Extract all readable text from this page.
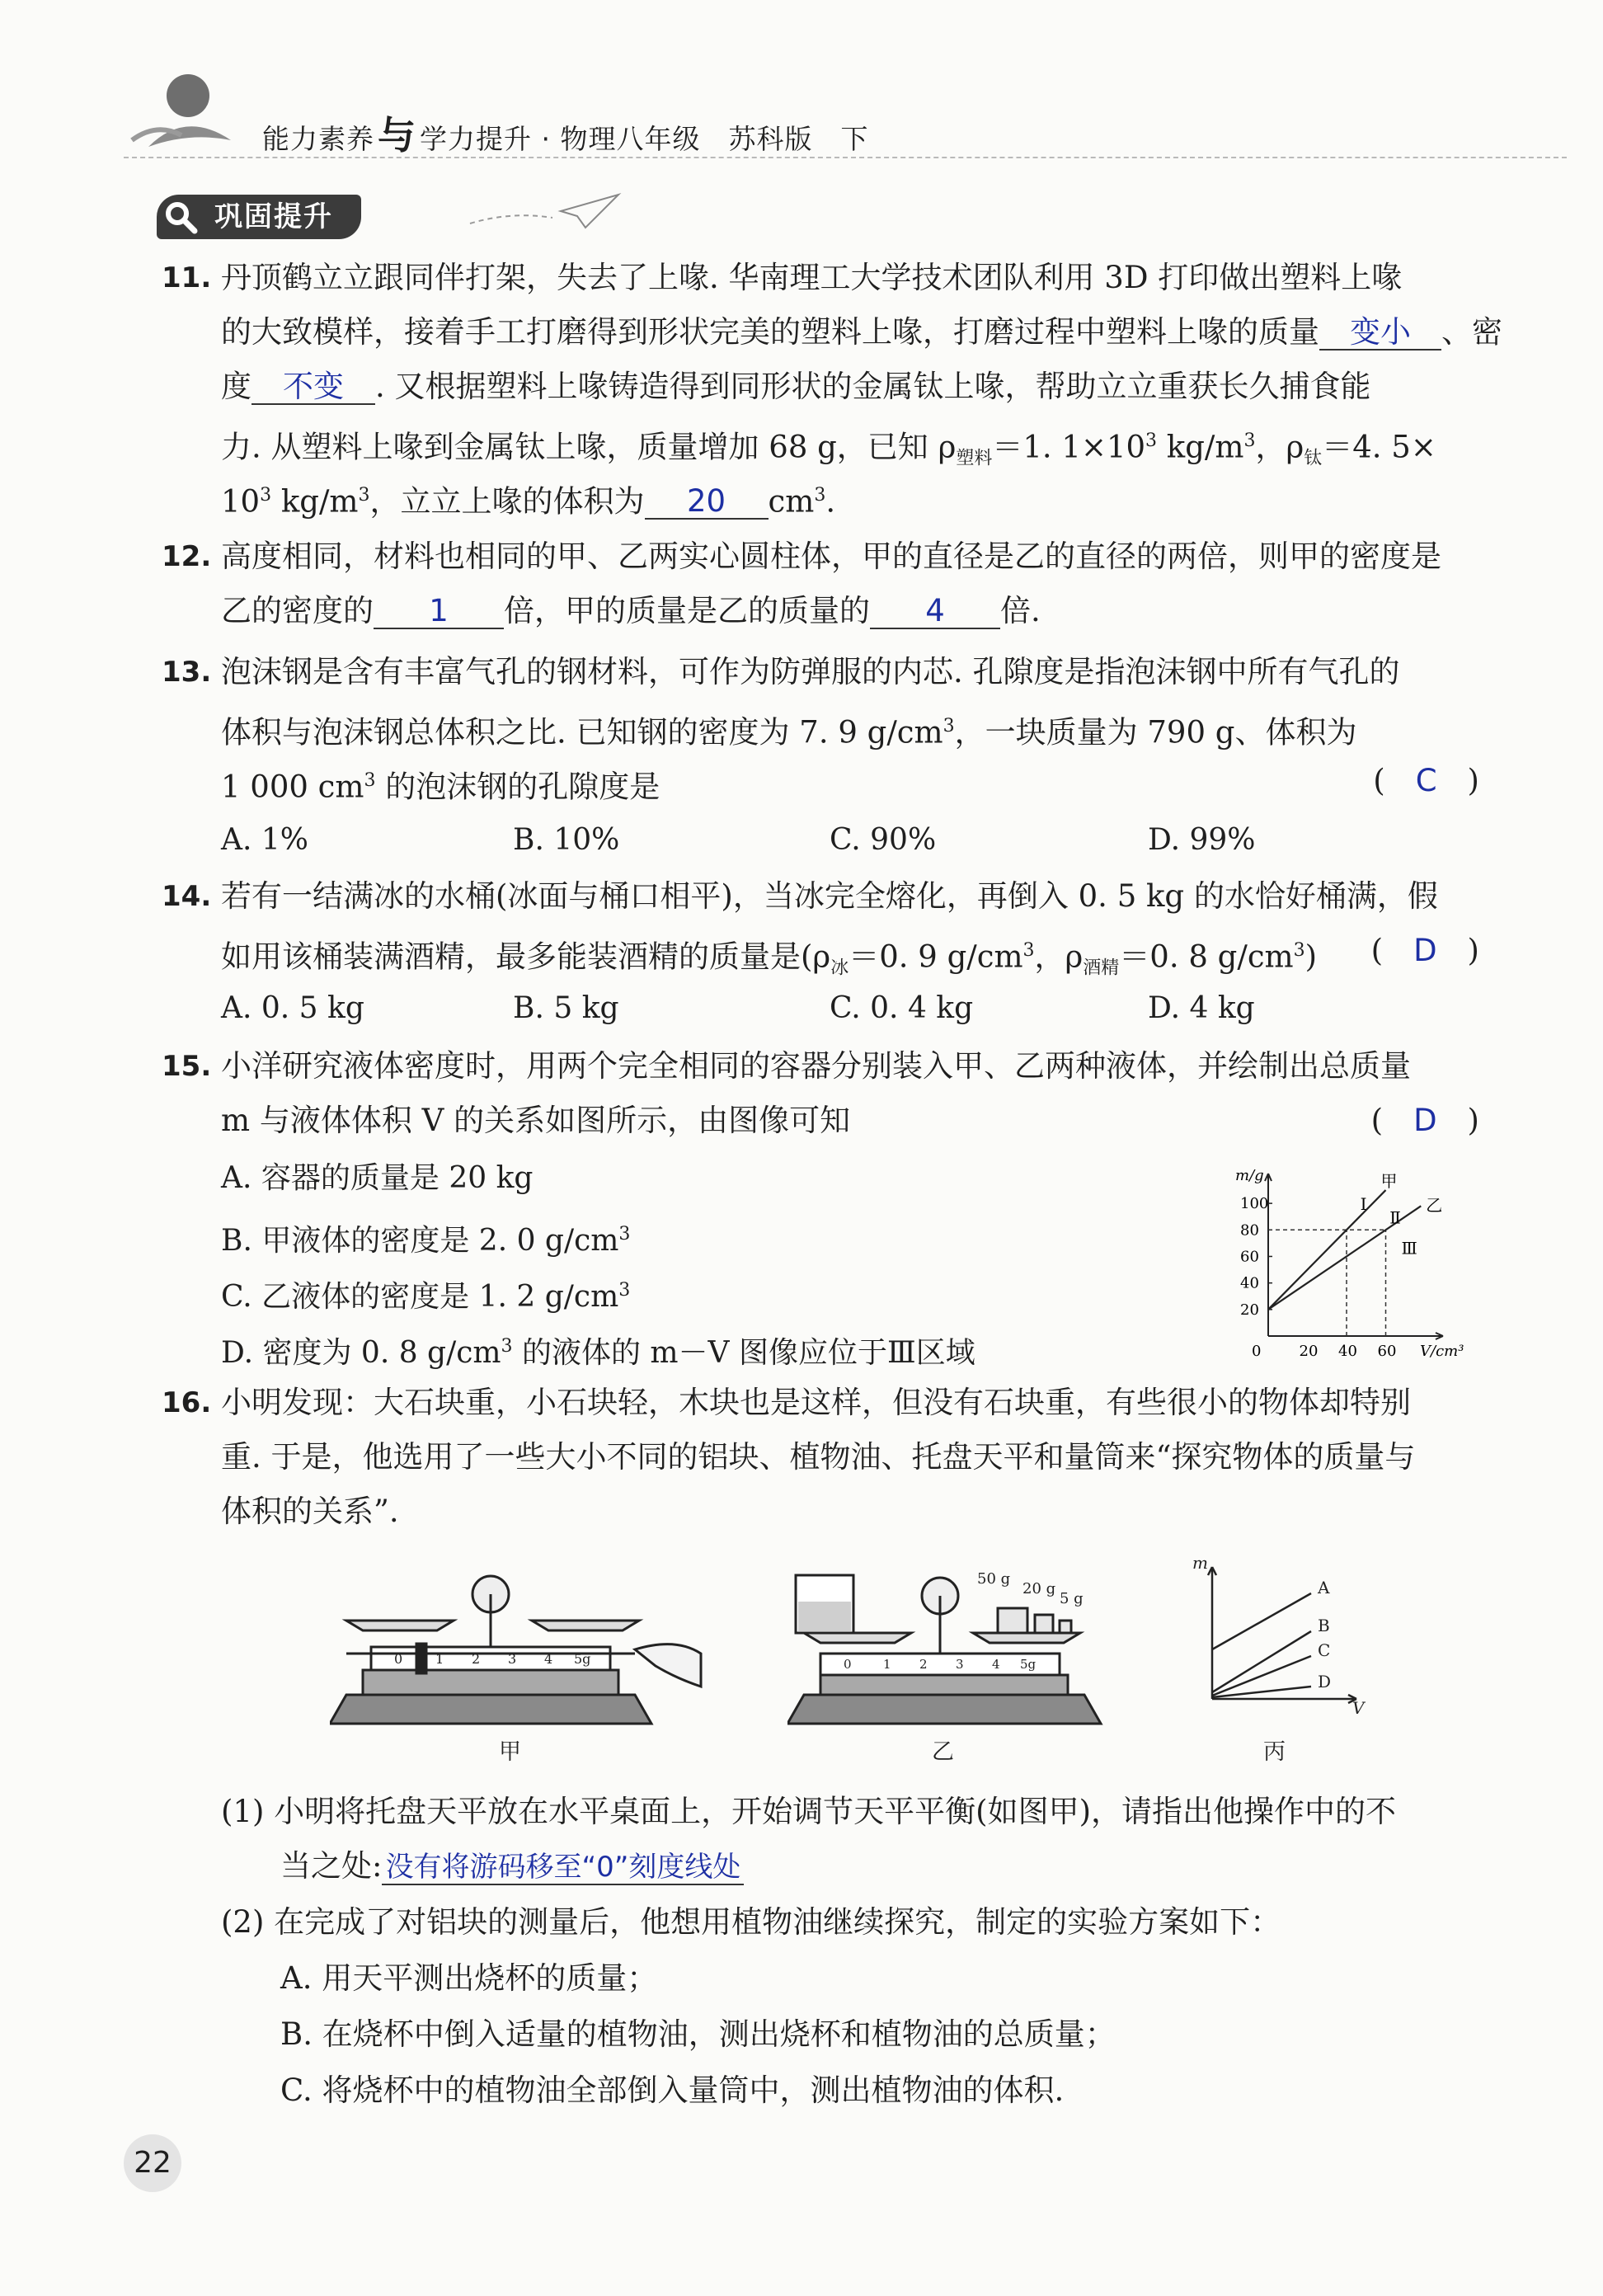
能力素养与 学力提升 · 物理八年级　苏科版　下
巩固提升
11. 丹顶鹤立立跟同伴打架，失去了上喙. 华南理工大学技术团队利用 3D 打印做出塑料上喙
的大致模样，接着手工打磨得到形状完美的塑料上喙，打磨过程中塑料上喙的质量 变小 、密
度 不变 . 又根据塑料上喙铸造得到同形状的金属钛上喙，帮助立立重获长久捕食能
力. 从塑料上喙到金属钛上喙，质量增加 68 g，已知 $\rho_{塑料}=1$. $1\times 10^3$ $kg/m^3$，$\rho_钛=4$. 5×
$10^3$ $kg/m^3$，立立上喙的体积为 20 $cm^3$.
12. 高度相同，材料也相同的甲、乙两实心圆柱体，甲的直径是乙的直径的两倍，则甲的密度是
乙的密度的 1 倍，甲的质量是乙的质量的 4 倍.
13. 泡沫钢是含有丰富气孔的钢材料，可作为防弹服的内芯. 孔隙度是指泡沫钢中所有气孔的
体积与泡沫钢总体积之比. 已知钢的密度为 7. 9 $g/cm^3$，一块质量为 790 g、体积为
1 000 $cm^3$ 的泡沫钢的孔隙度是	(　C　)
A. 1%	B. 10%	C. 90%	D. 99%
14. 若有一结满冰的水桶(冰面与桶口相平)，当冰完全熔化，再倒入 0. 5 kg 的水恰好桶满，假
如用该桶装满酒精，最多能装酒精的质量是($\rho_冰=0$. 9 $g/cm^3$，$\rho_{酒精}=0$. 8 $g/cm^3$) (　D　)
A. 0. 5 kg	B. 5 kg	C. 0. 4 kg	D. 4 kg
15. 小洋研究液体密度时，用两个完全相同的容器分别装入甲、乙两种液体，并绘制出总质量
m 与液体体积 V 的关系如图所示，由图像可知	(　D　)
A. 容器的质量是 20 kg
B. 甲液体的密度是 2. 0 $g/cm^3$
C. 乙液体的密度是 1. 2 $g/cm^3$
D. 密度为 0. 8 $g/cm^3$ 的液体的 m－V 图像应位于Ⅲ区域
m/g
V/cm³
0	20 40 60
20
40
60
80
100
甲
乙
Ⅰ
Ⅱ
Ⅲ
16. 小明发现：大石块重，小石块轻，木块也是这样，但没有石块重，有些很小的物体却特别
重. 于是，他选用了一些大小不同的铝块、植物油、托盘天平和量筒来“探究物体的质量与
体积的关系”.
0 1 2 3 4 5g
甲
50 g
20 g
5 g
0	1 2 3 4 5g
乙
m
V
A
B
C
D
丙
(1) 小明将托盘天平放在水平桌面上，开始调节天平平衡(如图甲)，请指出他操作中的不
当之处: 没有将游码移至“0”刻度线处
(2) 在完成了对铝块的测量后，他想用植物油继续探究，制定的实验方案如下：
A. 用天平测出烧杯的质量；
B. 在烧杯中倒入适量的植物油，测出烧杯和植物油的总质量；
C. 将烧杯中的植物油全部倒入量筒中，测出植物油的体积.
22
